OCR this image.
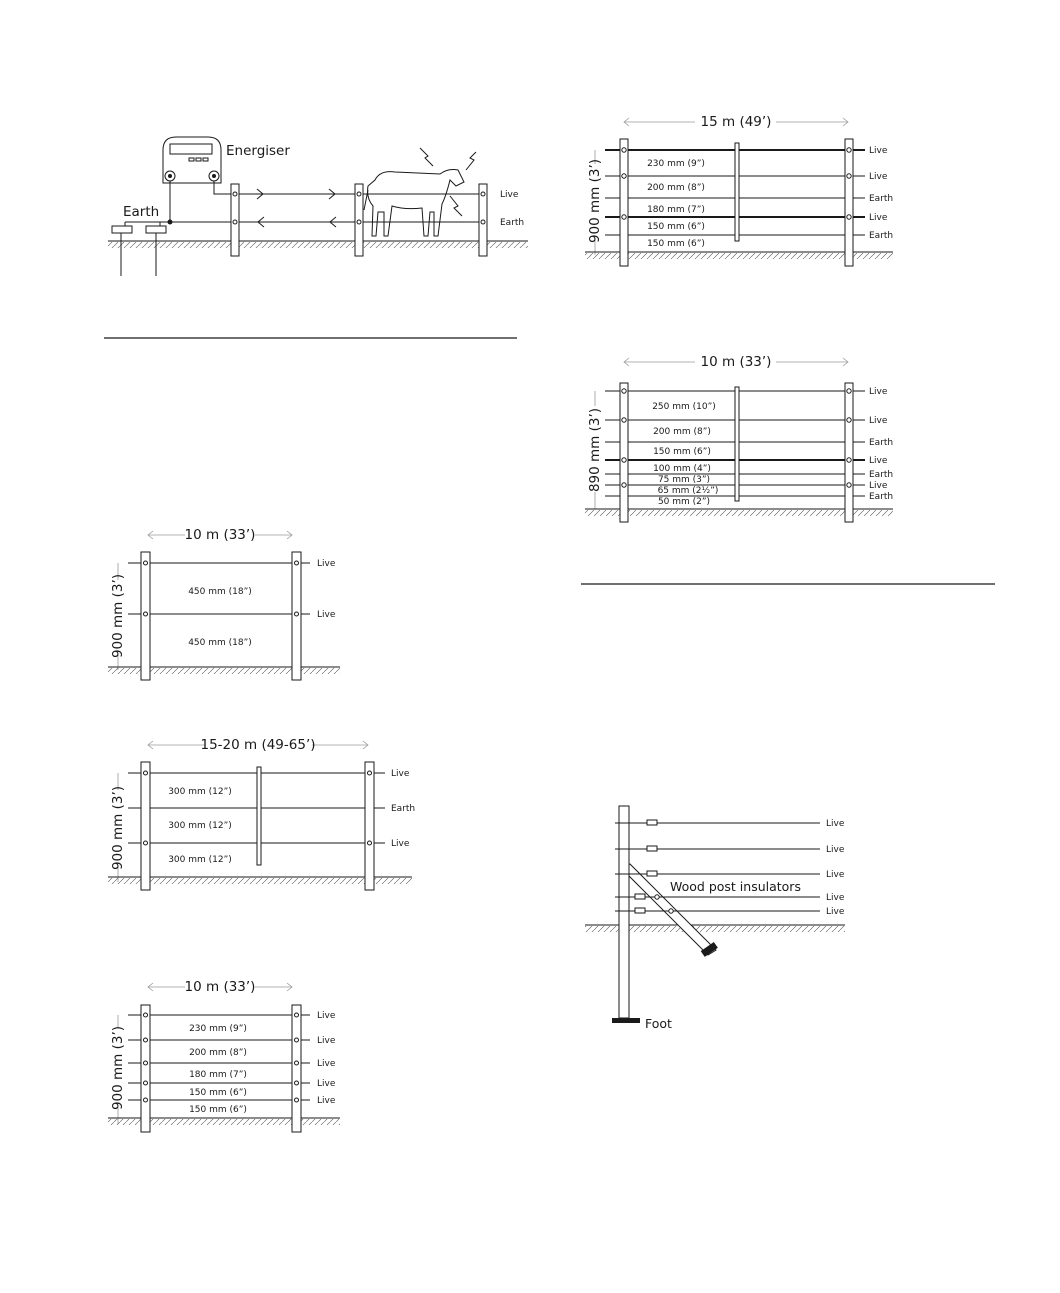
Energiser
Earth
Live
Earth
10 m (33’)
900 mm (3’)	450 mm (18”)
450 mm (18”)
Live
Live
15-20 m (49-65’)
900 mm (3’)	300 mm (12”)
300 mm (12”)
300 mm (12”)
Live
Earth
Live
10 m (33’)
900 mm (3’)	230 mm (9”)
200 mm (8”)
180 mm (7”)
150 mm (6”)
150 mm (6”)
Live
Live
Live
Live
Live
15 m (49’)
900 mm (3’)	230 mm (9”)
200 mm (8”)
180 mm (7”)
150 mm (6”)
150 mm (6”)
Live
Live
Earth
Live
Earth
10 m (33’)
890 mm (3’)
250 mm (10”)
200 mm (8”)
150 mm (6”)
100 mm (4”)
75 mm (3”)
65 mm (2½”)
50 mm (2”)
Live
Live
Earth
Live
Earth
Live
Earth
Wood post insulators
Foot
Live
Live
Live
Live
Live
